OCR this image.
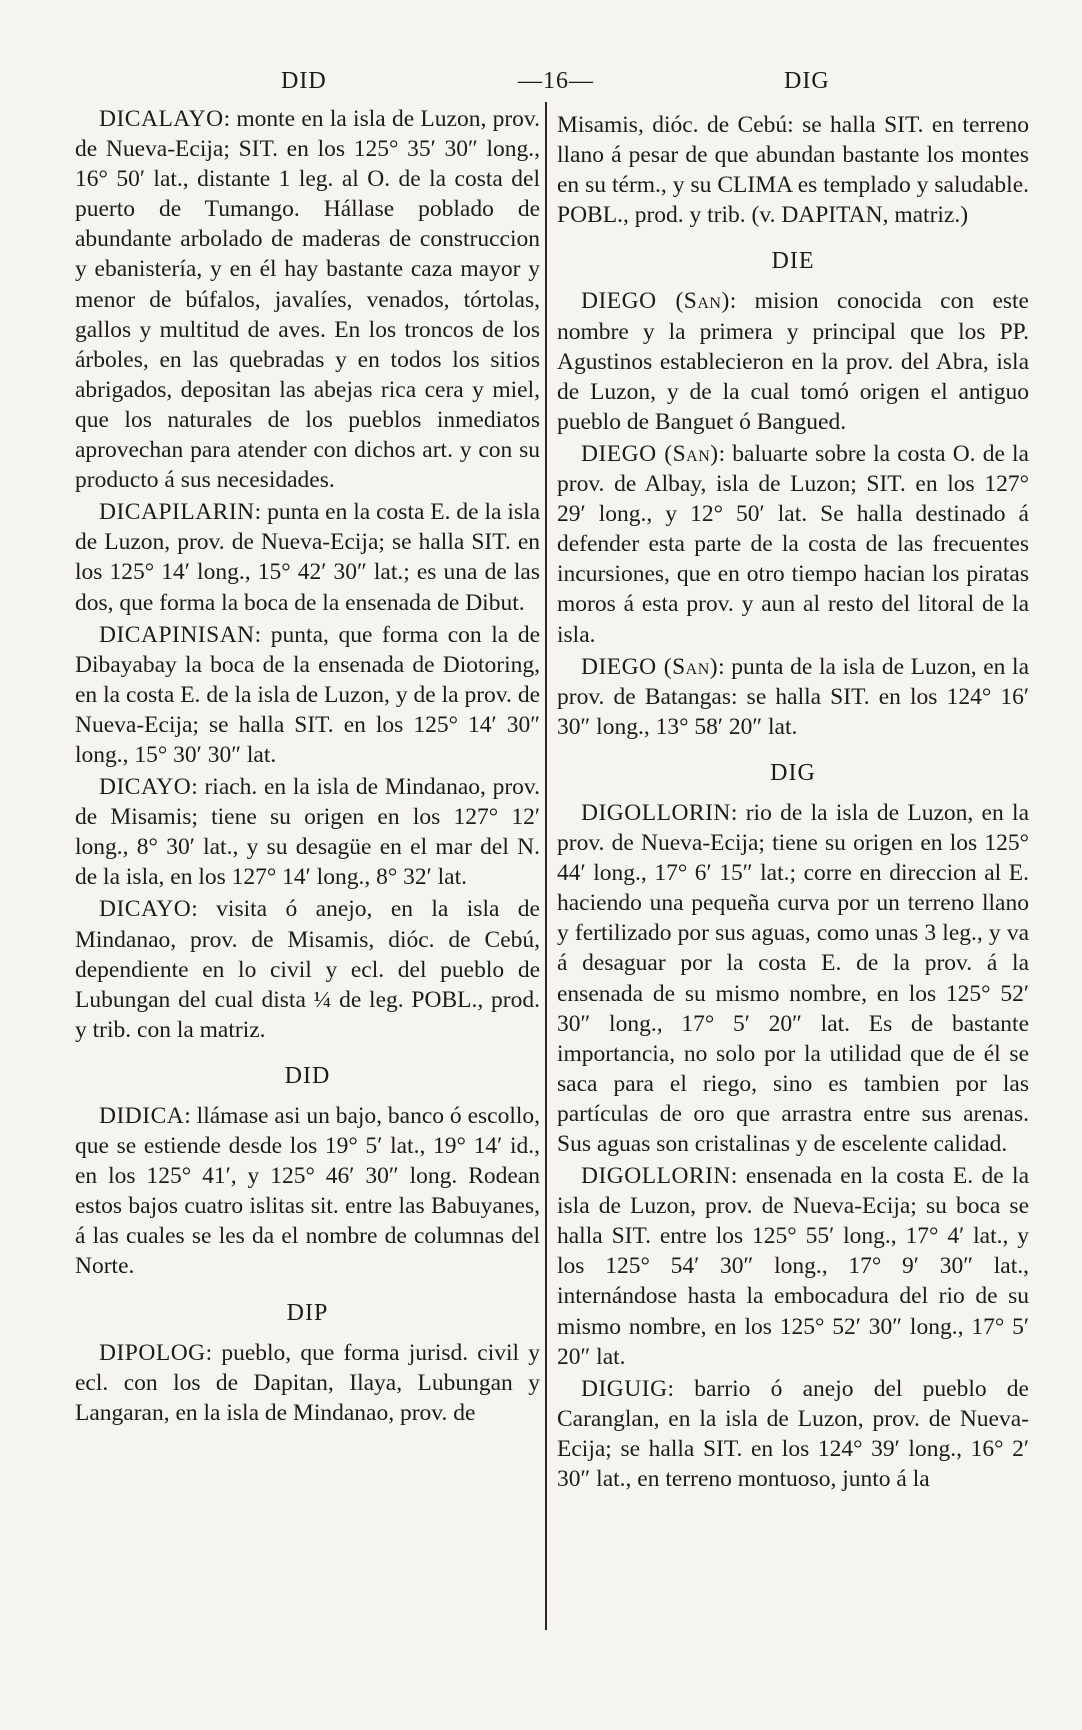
DID	—16—	DIG

DICALAYO: monte en la isla de Luzon, prov. de Nueva-Ecija; SIT. en los 125° 35′ 30″ long., 16° 50′ lat., distante 1 leg. al O. de la costa del puerto de Tumango. Hállase poblado de abundante arbolado de maderas de construccion y ebanistería, y en él hay bastante caza mayor y menor de búfalos, javalíes, venados, tórtolas, gallos y multitud de aves. En los troncos de los árboles, en las quebradas y en todos los sitios abrigados, depositan las abejas rica cera y miel, que los naturales de los pueblos inmediatos aprovechan para atender con dichos art. y con su producto á sus necesidades.

DICAPILARIN: punta en la costa E. de la isla de Luzon, prov. de Nueva-Ecija; se halla SIT. en los 125° 14′ long., 15° 42′ 30″ lat.; es una de las dos, que forma la boca de la ensenada de Dibut.

DICAPINISAN: punta, que forma con la de Dibayabay la boca de la ensenada de Diotoring, en la costa E. de la isla de Luzon, y de la prov. de Nueva-Ecija; se halla SIT. en los 125° 14′ 30″ long., 15° 30′ 30″ lat.

DICAYO: riach. en la isla de Mindanao, prov. de Misamis; tiene su origen en los 127° 12′ long., 8° 30′ lat., y su desagüe en el mar del N. de la isla, en los 127° 14′ long., 8° 32′ lat.

DICAYO: visita ó anejo, en la isla de Mindanao, prov. de Misamis, dióc. de Cebú, dependiente en lo civil y ecl. del pueblo de Lubungan del cual dista ¼ de leg. POBL., prod. y trib. con la matriz.

DID

DIDICA: llámase asi un bajo, banco ó escollo, que se estiende desde los 19° 5′ lat., 19° 14′ id., en los 125° 41′, y 125° 46′ 30″ long. Rodean estos bajos cuatro islitas sit. entre las Babuyanes, á las cuales se les da el nombre de columnas del Norte.

DIP

DIPOLOG: pueblo, que forma jurisd. civil y ecl. con los de Dapitan, Ilaya, Lubungan y Langaran, en la isla de Mindanao, prov. de

Misamis, dióc. de Cebú: se halla SIT. en terreno llano á pesar de que abundan bastante los montes en su térm., y su CLIMA es templado y saludable. POBL., prod. y trib. (v. DAPITAN, matriz.)

DIE

DIEGO (San): mision conocida con este nombre y la primera y principal que los PP. Agustinos establecieron en la prov. del Abra, isla de Luzon, y de la cual tomó origen el antiguo pueblo de Banguet ó Bangued.

DIEGO (San): baluarte sobre la costa O. de la prov. de Albay, isla de Luzon; SIT. en los 127° 29′ long., y 12° 50′ lat. Se halla destinado á defender esta parte de la costa de las frecuentes incursiones, que en otro tiempo hacian los piratas moros á esta prov. y aun al resto del litoral de la isla.

DIEGO (San): punta de la isla de Luzon, en la prov. de Batangas: se halla SIT. en los 124° 16′ 30″ long., 13° 58′ 20″ lat.

DIG

DIGOLLORIN: rio de la isla de Luzon, en la prov. de Nueva-Ecija; tiene su origen en los 125° 44′ long., 17° 6′ 15″ lat.; corre en direccion al E. haciendo una pequeña curva por un terreno llano y fertilizado por sus aguas, como unas 3 leg., y va á desaguar por la costa E. de la prov. á la ensenada de su mismo nombre, en los 125° 52′ 30″ long., 17° 5′ 20″ lat. Es de bastante importancia, no solo por la utilidad que de él se saca para el riego, sino es tambien por las partículas de oro que arrastra entre sus arenas. Sus aguas son cristalinas y de escelente calidad.

DIGOLLORIN: ensenada en la costa E. de la isla de Luzon, prov. de Nueva-Ecija; su boca se halla SIT. entre los 125° 55′ long., 17° 4′ lat., y los 125° 54′ 30″ long., 17° 9′ 30″ lat., internándose hasta la embocadura del rio de su mismo nombre, en los 125° 52′ 30″ long., 17° 5′ 20″ lat.

DIGUIG: barrio ó anejo del pueblo de Caranglan, en la isla de Luzon, prov. de Nueva-Ecija; se halla SIT. en los 124° 39′ long., 16° 2′ 30″ lat., en terreno montuoso, junto á la
